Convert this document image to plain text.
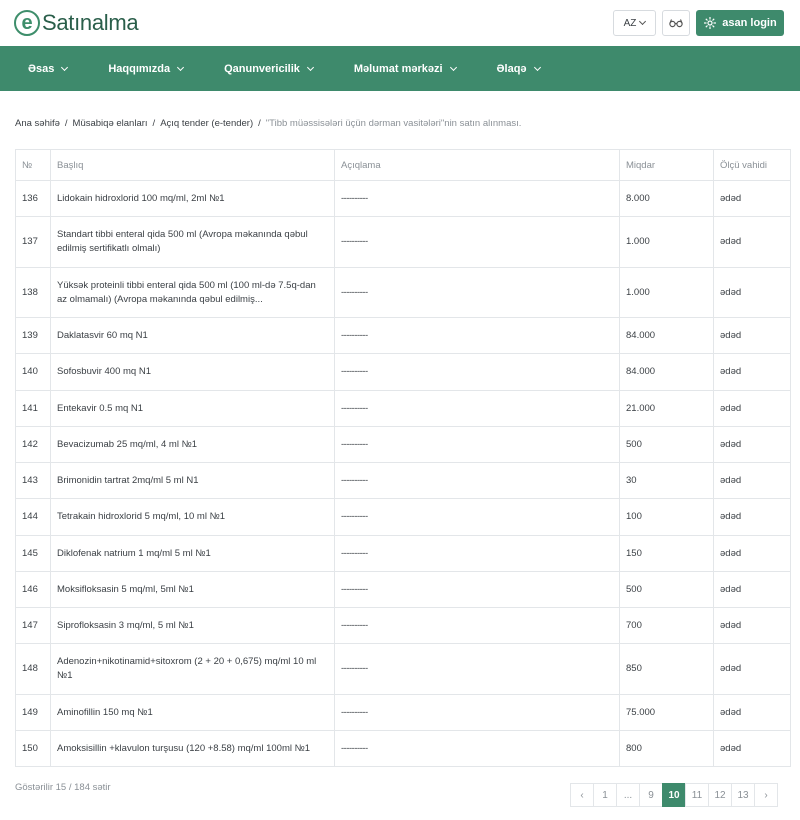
e Satınalma	AZ	asan login
Əsas	Haqqımızda	Qanunvericilik	Məlumat mərkəzi	Əlaqə
Ana səhifə / Müsabiqə elanları / Açıq tender (e-tender) / "Tibb müəssisələri üçün dərman vasitələri"nin satın alınması.
№	Başlıq	Açıqlama	Miqdar	Ölçü vahidi
136	Lidokain hidroxlorid 100 mq/ml, 2ml №1	----------	8.000	ədəd
137	Standart tibbi enteral qida 500 ml (Avropa məkanında qəbul edilmiş sertifikatlı olmalı)	----------	1.000	ədəd
138	Yüksək proteinli tibbi enteral qida 500 ml (100 ml-də 7.5q-dan az olmamalı) (Avropa məkanında qəbul edilmiş...	----------	1.000	ədəd
139	Daklatasvir 60 mq N1	----------	84.000	ədəd
140	Sofosbuvir 400 mq N1	----------	84.000	ədəd
141	Entekavir 0.5 mq N1	----------	21.000	ədəd
142	Bevacizumab 25 mq/ml, 4 ml №1	----------	500	ədəd
143	Brimonidin tartrat 2mq/ml 5 ml N1	----------	30	ədəd
144	Tetrakain hidroxlorid 5 mq/ml, 10 ml №1	----------	100	ədəd
145	Diklofenak natrium 1 mq/ml 5 ml №1	----------	150	ədəd
146	Moksifloksasin 5 mq/ml, 5ml №1	----------	500	ədəd
147	Siprofloksasin 3 mq/ml, 5 ml №1	----------	700	ədəd
148	Adenozin+nikotinamid+sitoxrom (2 + 20 + 0,675) mq/ml 10 ml №1	----------	850	ədəd
149	Aminofillin 150 mq №1	----------	75.000	ədəd
150	Amoksisillin +klavulon turşusu (120 +8.58) mq/ml 100ml №1	----------	800	ədəd
Göstərilir 15 / 184 sətir
‹	1	...	9	10	11	12	13	›
